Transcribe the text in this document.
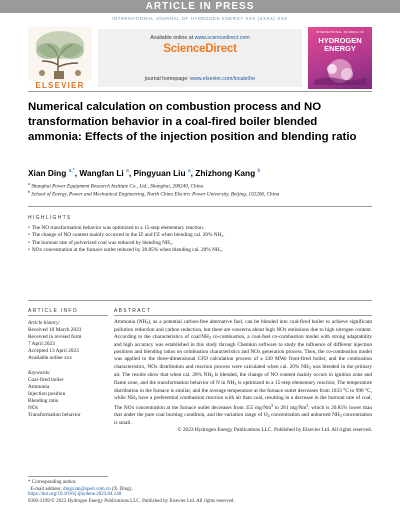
ARTICLE IN PRESS
INTERNATIONAL JOURNAL OF HYDROGEN ENERGY XXX (XXXX) XXX
ELSEVIER
Available online at www.sciencedirect.com
ScienceDirect
journal homepage: www.elsevier.com/locate/he
INTERNATIONAL JOURNAL OF
HYDROGEN
ENERGY
Numerical calculation on combustion process and NO transformation behavior in a coal-fired boiler blended ammonia: Effects of the injection position and blending ratio
Xian Ding $^{a,*}$, Wangfan Li $^a$, Pingyuan Liu $^a$, Zhizhong Kang $^b$
$^a$ Shanghai Power Equipment Research Institute Co., Ltd., Shanghai, 200240, China
$^b$ School of Energy, Power and Mechanical Engineering, North China Electric Power University, Beijing, 102206, China
HIGHLIGHTS
• The NO transformation behavior was optimized to a 15-step elementary reaction.
• The change of NO content mainly occurred in the IZ and FZ when blending cal. 20% NH₃.
• The burnout rate of pulverized coal was reduced by blending NH₃.
• NOx concentration at the furnace outlet reduced by 20.85% when blending cal. 20% NH₃.
ARTICLE INFO	ABSTRACT
Article history:
Received 10 March 2023
Received in revised form
7 April 2023
Accepted 13 April 2023
Available online xxx
Keywords:
Coal-fired boiler
Ammonia
Injection position
Blending ratio
NOx
Transformation behavior
Ammonia $(NH_3)$, as a potential carbon-free alternative fuel, can be blended into coal-fired boiler to achieve significant pollution reduction and carbon reduction, but there are concerns about high NOx emissions due to high nitrogen content. According to the characteristics of coal/$NH_3$ co-combustion, a coal-fuel co-combustion model with strong adaptability and high accuracy was established in this study through Chemkin software to study the influence of different injection positions and blending ratios on combustion characteristics and NOx generation process. Then, the co-combustion model was applied to the three-dimensional CFD calculation process of a 330 MWe front-fired boiler, and the combustion characteristics, NOx distribution and reaction process were calculated when cal. 20% $NH_3$ was blended in the primary air. The results show that when cal. 20% $NH_3$ is blended, the change of NO content mainly occurs in ignition zone and flame zone, and the transformation behavior of N in $NH_3$ is optimized to a 15-step elementary reaction; The temperature distribution in the furnace is similar, and the average temperature at the furnace outlet decreases from 1033 °C to 998 °C, while $NH_3$ have a preferential combustion reaction with air than coal, resulting in a decrease in the burnout rate of coal; The NOx concentration at the furnace outlet decreases from 355 mg/Nm$^3$ to 281 mg/Nm$^3$, which is 20.85% lower than that under the pure coal burning condition, and the variation range of $O_2$ concentration and unburned $NH_3$ concentration is small.
© 2023 Hydrogen Energy Publications LLC. Published by Elsevier Ltd. All rights reserved.
* Corresponding author.
E-mail address: dingxian@speri.com.cn (X. Ding).
https://doi.org/10.1016/j.ijhydene.2023.04.140
0360-3199/© 2023 Hydrogen Energy Publications LLC. Published by Elsevier Ltd. All rights reserved.
